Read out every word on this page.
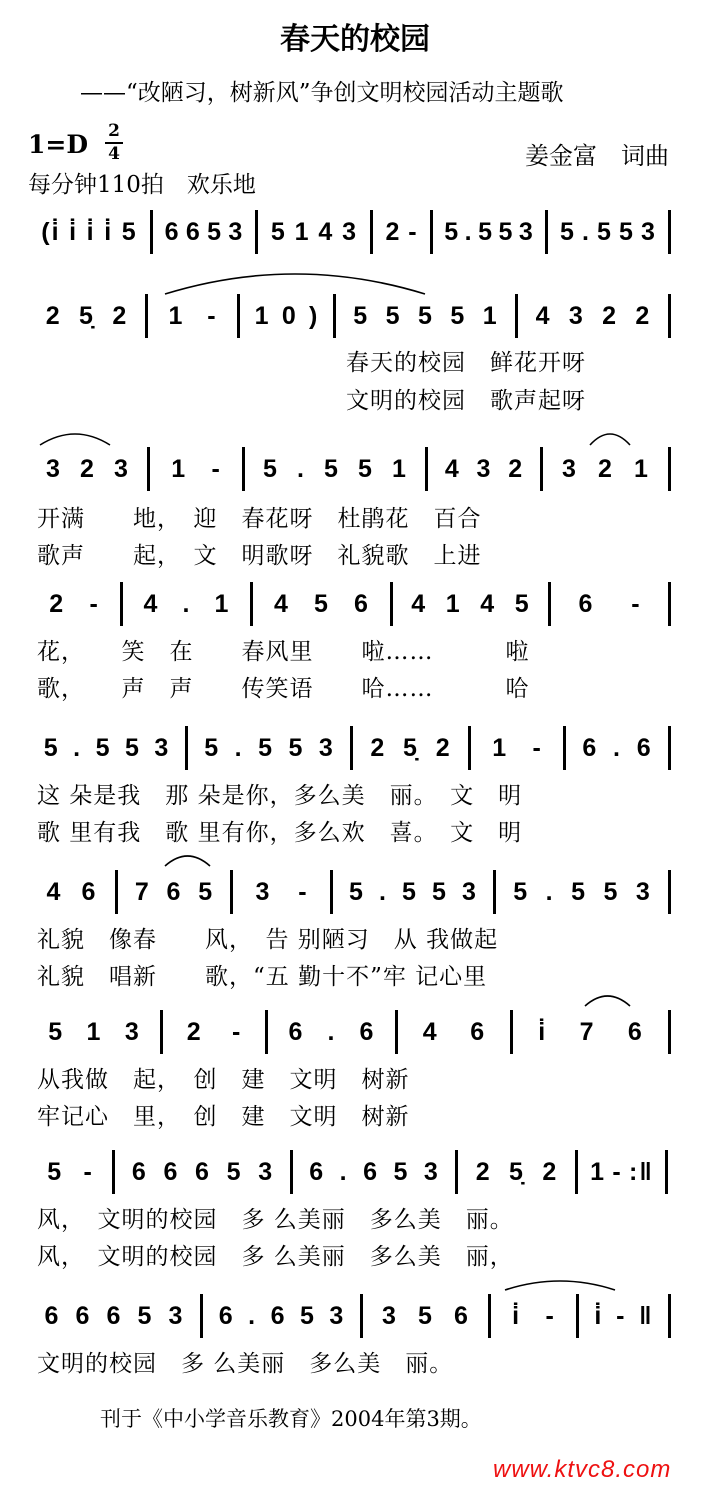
春天的校园
——“改陋习，树新风”争创文明校园活动主题歌
1=D 2
4	姜金富　词曲
每分钟110拍　欢乐地
春天的校园　鲜花开呀
文明的校园　歌声起呀
开满　　地，　迎　春花呀　杜鹃花　百合
歌声　　起，　文　明歌呀　礼貌歌　上进
花，　　笑　在　　春风里　　啦……　　　啦
歌，　　声　声　　传笑语　　哈……　　　哈
这 朵是我　那 朵是你，多么美　丽。　文　明
歌 里有我　歌 里有你，多么欢　喜。　文　明
礼貌　像春　　风，　告 别陋习　从 我做起
礼貌　唱新　　歌，“五 勤十不”牢 记心里
从我做　起，　创　建　文明　树新
牢记心　里，　创　建　文明　树新
风，　文明的校园　多 么美丽　多么美　丽。
风，　文明的校园　多 么美丽　多么美　丽，
文明的校园　多 么美丽　多么美　丽。
(i̇ i̇ i̇ i̇ 5 6 6 5 3 5 1 4 3 2 - 5 . 5 5 3 5 . 5 5 3
2 5̣ 2 1 - 1 0 ) 5 5 5 5 1 4 3 2 2
3 2 3 1 - 5 . 5 5 1 4 3 2 3 2 1
2 - 4 . 1 4 5 6 4 1 4 5 6 -
5 . 5 5 3 5 . 5 5 3 2 5̣ 2 1 - 6 . 6
4 6 7 6 5 3 - 5 . 5 5 3 5 . 5 5 3
5 1 3 2 - 6 . 6 4 6 i̇ 7 6
5 - 6 6 6 5 3 6 . 6 5 3 2 5̣ 2 1 - :‖
6 6 6 5 3 6 . 6 5 3 3 5 6 i̇ - i̇ - ‖
刊于《中小学音乐教育》2004年第3期。
www.ktvc8.com
